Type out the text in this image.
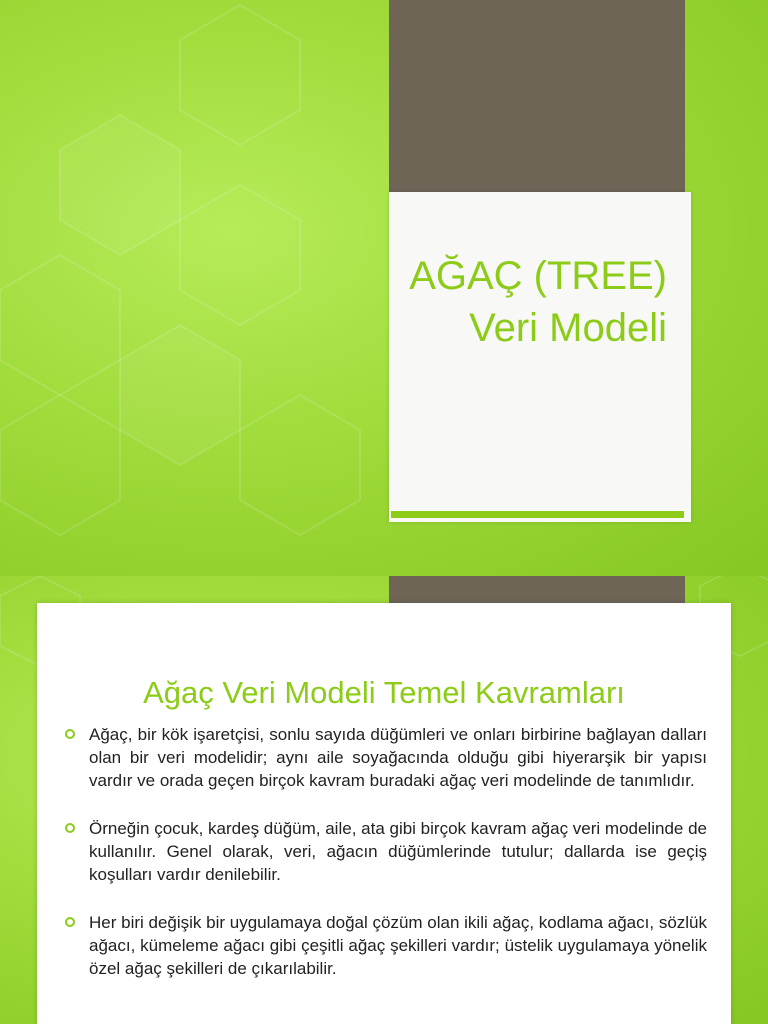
AĞAÇ (TREE)
Veri Modeli
Ağaç Veri Modeli Temel Kavramları
Ağaç, bir kök işaretçisi, sonlu sayıda düğümleri ve onları birbirine bağlayan dalları olan bir veri modelidir; aynı aile soyağacında olduğu gibi hiyerarşik bir yapısı vardır ve orada geçen birçok kavram buradaki ağaç veri modelinde de tanımlıdır.
Örneğin çocuk, kardeş düğüm, aile, ata gibi birçok kavram ağaç veri modelinde de kullanılır. Genel olarak, veri, ağacın düğümlerinde tutulur; dallarda ise geçiş koşulları vardır denilebilir.
Her biri değişik bir uygulamaya doğal çözüm olan ikili ağaç, kodlama ağacı, sözlük ağacı, kümeleme ağacı gibi çeşitli ağaç şekilleri vardır; üstelik uygulamaya yönelik özel ağaç şekilleri de çıkarılabilir.
